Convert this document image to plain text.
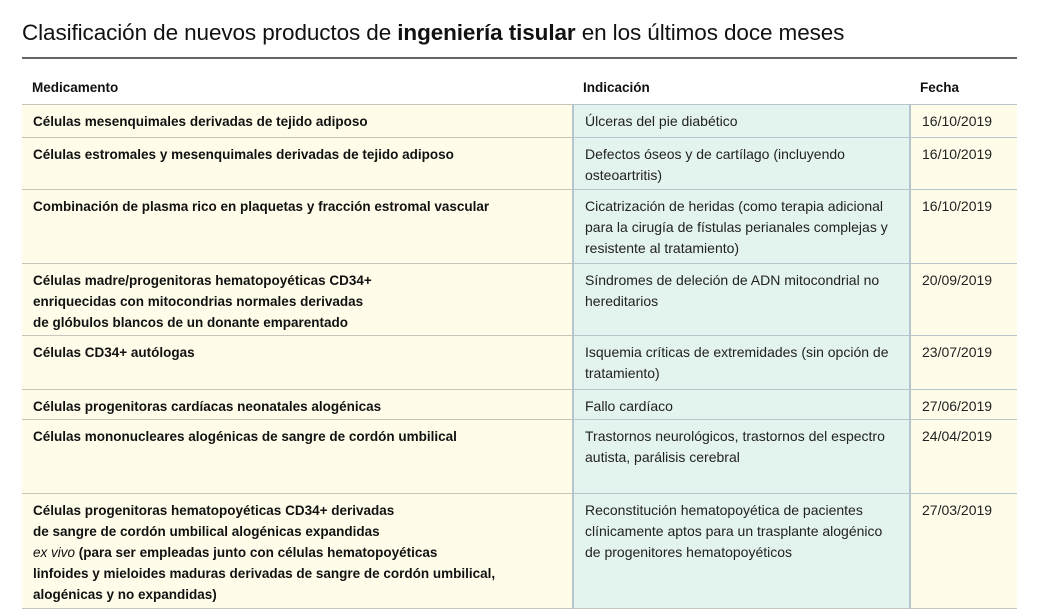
Clasificación de nuevos productos de ingeniería tisular en los últimos doce meses
Medicamento	Indicación	Fecha

Células mesenquimales derivadas de tejido adiposo	Úlceras del pie diabético	16/10/2019

Células estromales y mesenquimales derivadas de tejido adiposo	Defectos óseos y de cartílago (incluyendo osteoartritis)	16/10/2019

Combinación de plasma rico en plaquetas y fracción estromal vascular	Cicatrización de heridas (como terapia adicional para la cirugía de fístulas perianales complejas y resistente al tratamiento)	16/10/2019

Células madre/progenitoras hematopoyéticas CD34+
enriquecidas con mitocondrias normales derivadas
de glóbulos blancos de un donante emparentado	Síndromes de deleción de ADN mitocondrial no hereditarios	20/09/2019

Células CD34+ autólogas	Isquemia críticas de extremidades (sin opción de tratamiento)	23/07/2019

Células progenitoras cardíacas neonatales alogénicas	Fallo cardíaco	27/06/2019

Células mononucleares alogénicas de sangre de cordón umbilical	Trastornos neurológicos, trastornos del espectro autista, parálisis cerebral	24/04/2019

Células progenitoras hematopoyéticas CD34+ derivadas
de sangre de cordón umbilical alogénicas expandidas
ex vivo (para ser empleadas junto con células hematopoyéticas
linfoides y mieloides maduras derivadas de sangre de cordón umbilical,
alogénicas y no expandidas)	Reconstitución hematopoyética de pacientes clínicamente aptos para un trasplante alogénico de progenitores hematopoyéticos	27/03/2019
